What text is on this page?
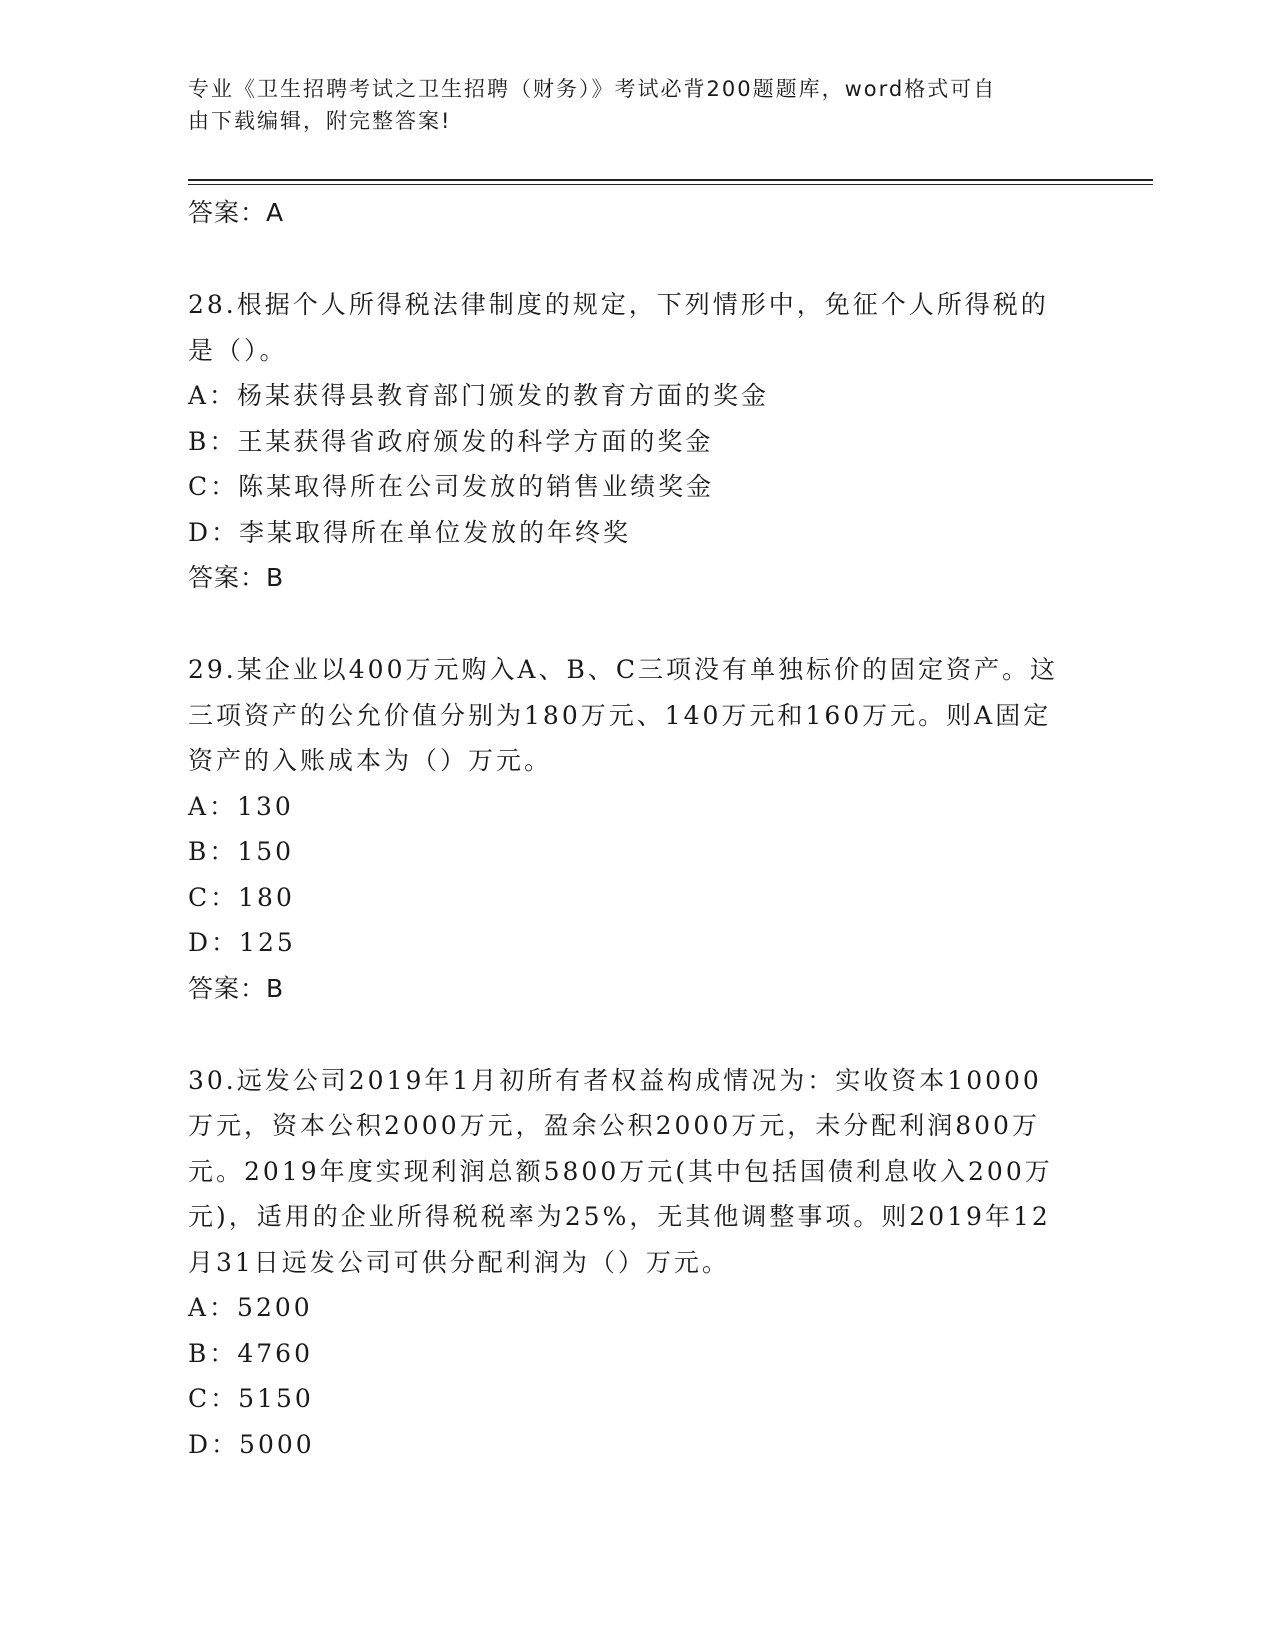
专业《卫生招聘考试之卫生招聘（财务）》考试必背200题题库，word格式可自
由下载编辑，附完整答案!
答案：A
28.根据个人所得税法律制度的规定，下列情形中，免征个人所得税的
是（）。
A：杨某获得县教育部门颁发的教育方面的奖金
B：王某获得省政府颁发的科学方面的奖金
C：陈某取得所在公司发放的销售业绩奖金
D：李某取得所在单位发放的年终奖
答案：B
29.某企业以400万元购入A、B、C三项没有单独标价的固定资产。这
三项资产的公允价值分别为180万元、140万元和160万元。则A固定
资产的入账成本为（）万元。
A：130
B：150
C：180
D：125
答案：B
30.远发公司2019年1月初所有者权益构成情况为：实收资本10000
万元，资本公积2000万元，盈余公积2000万元，未分配利润800万
元。2019年度实现利润总额5800万元(其中包括国债利息收入200万
元)，适用的企业所得税税率为25%，无其他调整事项。则2019年12
月31日远发公司可供分配利润为（）万元。
A：5200
B：4760
C：5150
D：5000
